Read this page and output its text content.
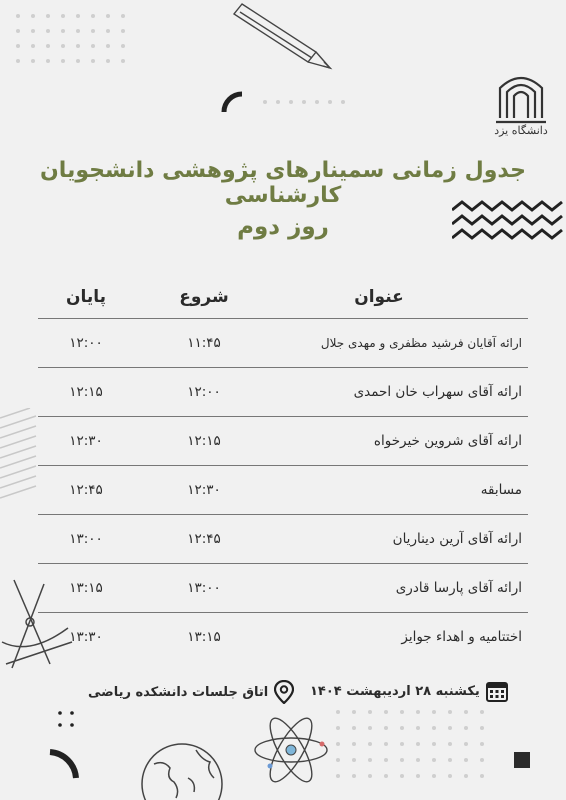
دانشگاه یزد
جدول زمانی سمینارهای پژوهشی دانشجویان کارشناسی
روز دوم
عنوان
شروع
پایان
ارائه آقایان فرشید مظفری و مهدی جلال
۱۱:۴۵
۱۲:۰۰
ارائه آقای سهراب خان احمدی
۱۲:۰۰
۱۲:۱۵
ارائه آقای شروین خیرخواه
۱۲:۱۵
۱۲:۳۰
مسابقه
۱۲:۳۰
۱۲:۴۵
ارائه آقای آرین دیناریان
۱۲:۴۵
۱۳:۰۰
ارائه آقای پارسا قادری
۱۳:۰۰
۱۳:۱۵
اختتامیه و اهداء جوایز
۱۳:۱۵
۱۳:۳۰
یکشنبه ۲۸ اردیبهشت ۱۴۰۴
اتاق جلسات دانشکده ریاضی
